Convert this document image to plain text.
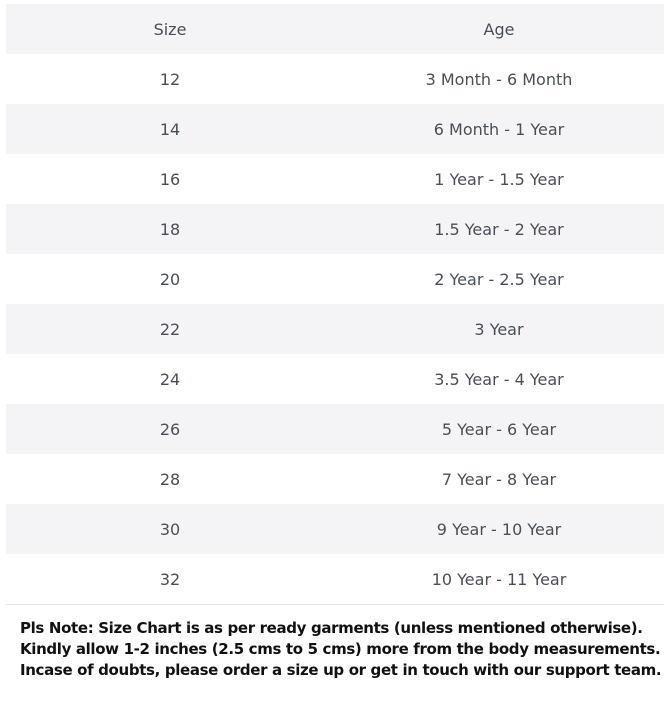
Size	Age
12	3 Month - 6 Month
14	6 Month - 1 Year
16	1 Year - 1.5 Year
18	1.5 Year - 2 Year
20	2 Year - 2.5 Year
22	3 Year
24	3.5 Year - 4 Year
26	5 Year - 6 Year
28	7 Year - 8 Year
30	9 Year - 10 Year
32	10 Year - 11 Year
Pls Note: Size Chart is as per ready garments (unless mentioned otherwise).
Kindly allow 1-2 inches (2.5 cms to 5 cms) more from the body measurements.
Incase of doubts, please order a size up or get in touch with our support team.
